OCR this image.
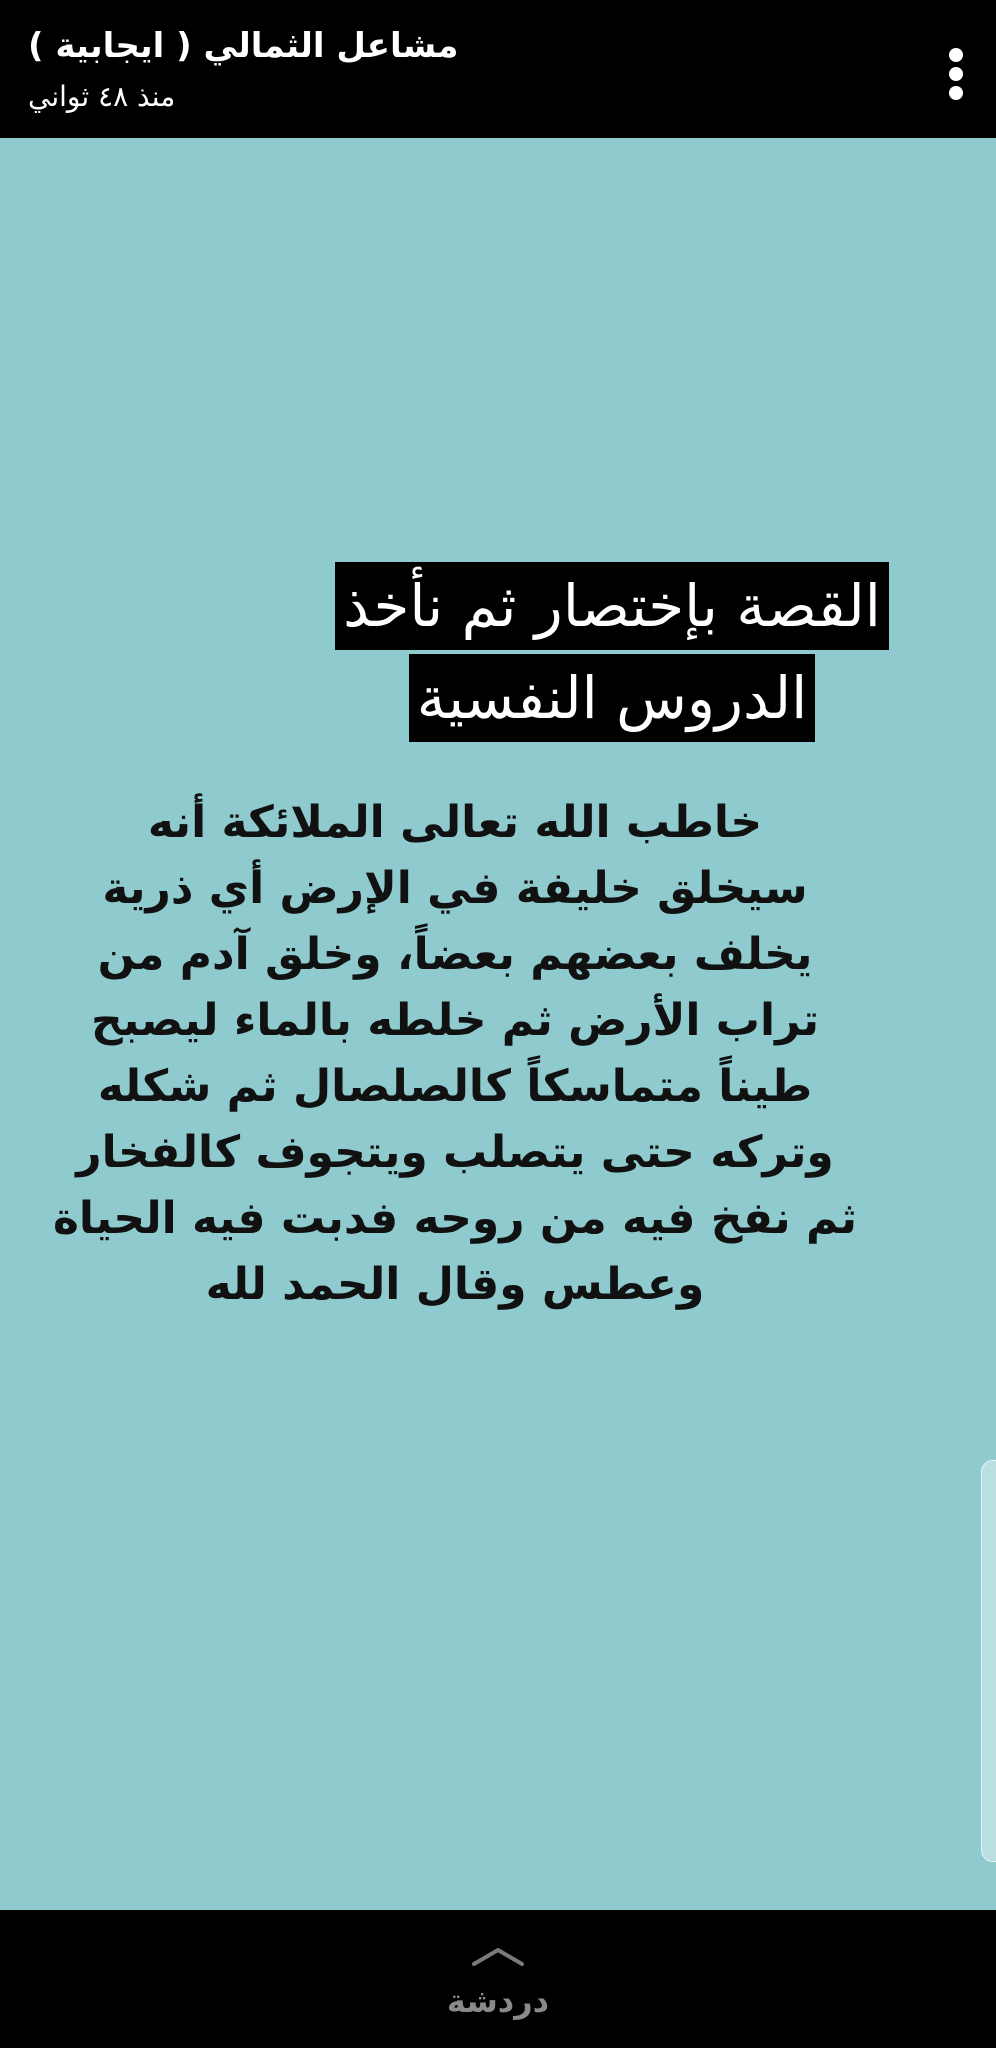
مشاعل الثمالي ( ايجابية )
منذ ٤٨ ثواني
القصة بإختصار ثم نأخذ
الدروس النفسية
خاطب الله تعالى الملائكة أنه
سيخلق خليفة في الإرض أي ذرية
يخلف بعضهم بعضاً، وخلق آدم من
تراب الأرض ثم خلطه بالماء ليصبح
طيناً متماسكاً كالصلصال ثم شكله
وتركه حتى يتصلب ويتجوف كالفخار
ثم نفخ فيه من روحه فدبت فيه الحياة
وعطس وقال الحمد لله
دردشة
